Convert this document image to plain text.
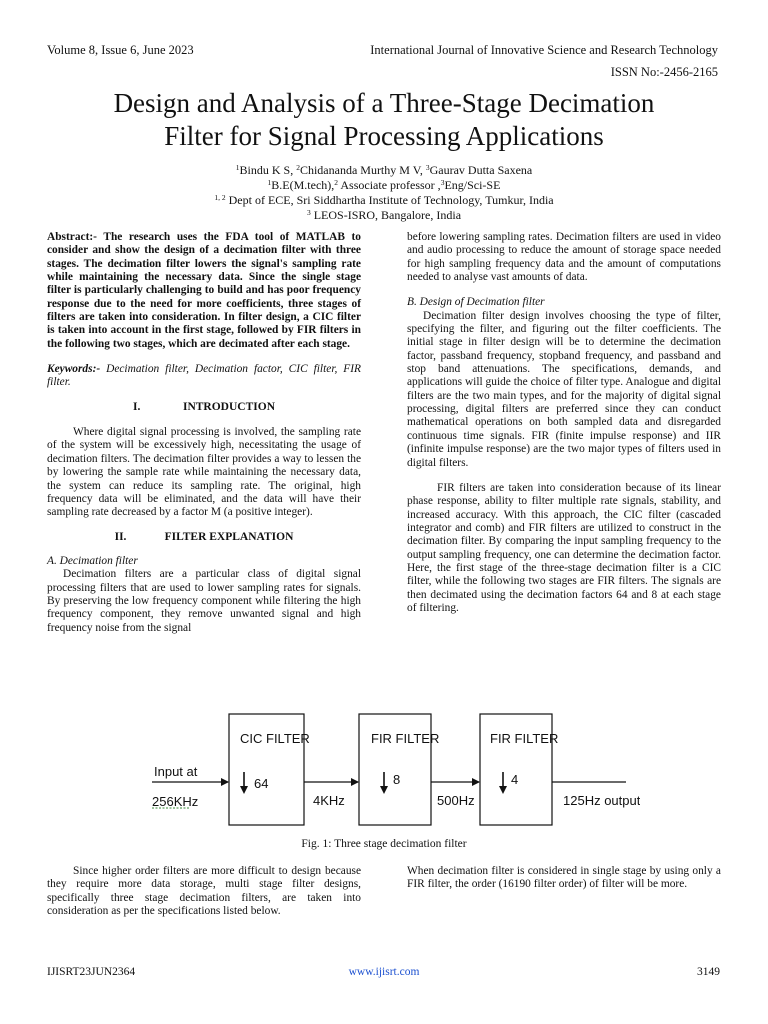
Volume 8, Issue 6, June 2023	International Journal of Innovative Science and Research Technology
ISSN No:-2456-2165
Design and Analysis of a Three-Stage Decimation
Filter for Signal Processing Applications
$^1$Bindu K S, $^2$Chidananda Murthy M V, $^3$Gaurav Dutta Saxena
$^1$B.E(M.tech),$^2$ Associate professor ,$^3$Eng/Sci-SE
$^{1, 2}$ Dept of ECE, Sri Siddhartha Institute of Technology, Tumkur, India
$^3$ LEOS-ISRO, Bangalore, India

Abstract:- The research uses the FDA tool of MATLAB to consider and show the design of a decimation filter with three stages. The decimation filter lowers the signal's sampling rate while maintaining the necessary data. Since the single stage filter is particularly challenging to build and has poor frequency response due to the need for more coefficients, three stages of filters are taken into consideration. In filter design, a CIC filter is taken into account in the first stage, followed by FIR filters in the following two stages, which are decimated after each stage.

Keywords:- Decimation filter, Decimation factor, CIC filter, FIR filter.

I.	INTRODUCTION

Where digital signal processing is involved, the sampling rate of the system will be excessively high, necessitating the usage of decimation filters. The decimation filter provides a way to lessen the by lowering the sample rate while maintaining the necessary data, the system can reduce its sampling rate. The original, high frequency data will be eliminated, and the data will have their sampling rate decreased by a factor M (a positive integer).

II.	FILTER EXPLANATION

A. Decimation filter

Decimation filters are a particular class of digital signal processing filters that are used to lower sampling rates for signals. By preserving the low frequency component while filtering the high frequency component, they remove unwanted signal and high frequency noise from the signal

before lowering sampling rates. Decimation filters are used in video and audio processing to reduce the amount of storage space needed for high sampling frequency data and the amount of computations needed to analyse vast amounts of data.

B. Design of Decimation filter

Decimation filter design involves choosing the type of filter, specifying the filter, and figuring out the filter coefficients. The initial stage in filter design will be to determine the decimation factor, passband frequency, stopband frequency, and passband and stop band attenuations. The specifications, demands, and applications will guide the choice of filter type. Analogue and digital filters are the two main types, and for the majority of digital signal processing, digital filters are preferred since they can conduct mathematical operations on both sampled data and disregarded continuous time signals. FIR (finite impulse response) and IIR (infinite impulse response) are the two major types of filters used in digital filters.

FIR filters are taken into consideration because of its linear phase response, ability to filter multiple rate signals, stability, and increased accuracy. With this approach, the CIC filter (cascaded integrator and comb) and FIR filters are utilized to construct in the decimation filter. By comparing the input sampling frequency to the output sampling frequency, one can determine the decimation factor. Here, the first stage of the three-stage decimation filter is a CIC filter, while the following two stages are FIR filters. The signals are then decimated using the decimation factors 64 and 8 at each stage of filtering.

Input at
256KHz
CIC FILTER
64
4KHz
FIR FILTER
8
500Hz
FIR FILTER
4
125Hz output
Fig. 1: Three stage decimation filter

Since higher order filters are more difficult to design because they require more data storage, multi stage filter designs, specifically three stage decimation filters, are taken into consideration as per the specifications listed below.

When decimation filter is considered in single stage by using only a FIR filter, the order (16190 filter order) of filter will be more.

IJISRT23JUN2364	www.ijisrt.com	3149
